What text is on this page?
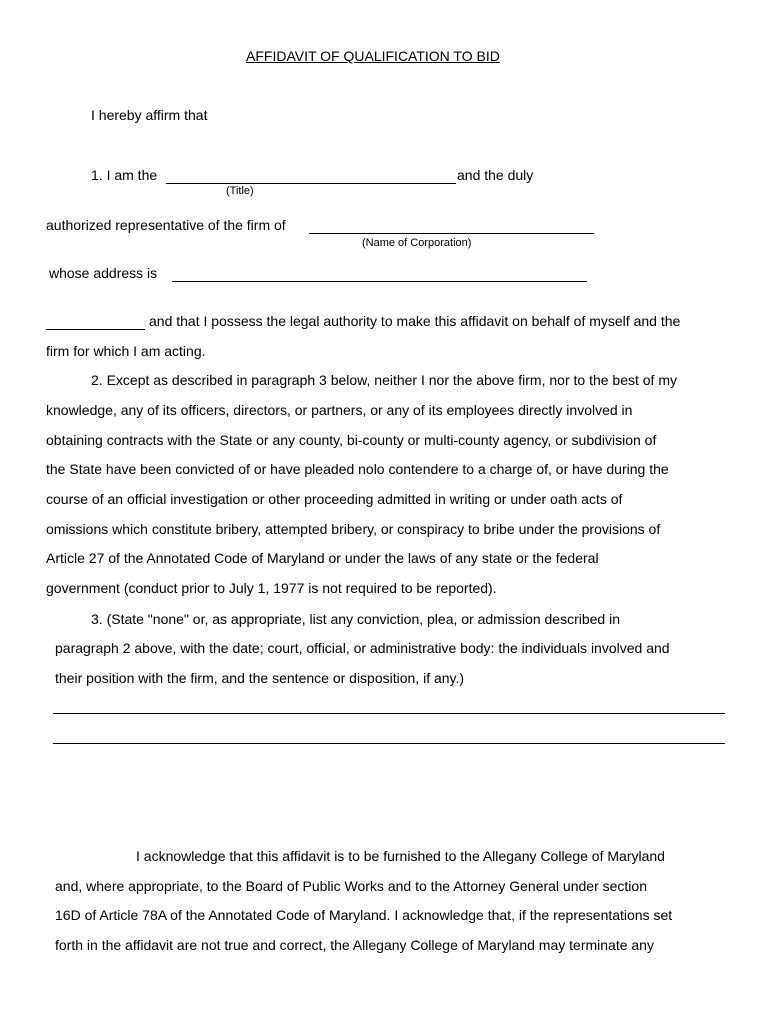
AFFIDAVIT OF QUALIFICATION TO BID
I hereby affirm that
1. I am the	and the duly
(Title)
authorized representative of the firm of
(Name of Corporation)
whose address is
and that I possess the legal authority to make this affidavit on behalf of myself and the
firm for which I am acting.
2. Except as described in paragraph 3 below, neither I nor the above firm, nor to the best of my
knowledge, any of its officers, directors, or partners, or any of its employees directly involved in
obtaining contracts with the State or any county, bi-county or multi-county agency, or subdivision of
the State have been convicted of or have pleaded nolo contendere to a charge of, or have during the
course of an official investigation or other proceeding admitted in writing or under oath acts of
omissions which constitute bribery, attempted bribery, or conspiracy to bribe under the provisions of
Article 27 of the Annotated Code of Maryland or under the laws of any state or the federal
government (conduct prior to July 1, 1977 is not required to be reported).
3. (State "none" or, as appropriate, list any conviction, plea, or admission described in
paragraph 2 above, with the date; court, official, or administrative body: the individuals involved and
their position with the firm, and the sentence or disposition, if any.)
I acknowledge that this affidavit is to be furnished to the Allegany College of Maryland
and, where appropriate, to the Board of Public Works and to the Attorney General under section
16D of Article 78A of the Annotated Code of Maryland. I acknowledge that, if the representations set
forth in the affidavit are not true and correct, the Allegany College of Maryland may terminate any
